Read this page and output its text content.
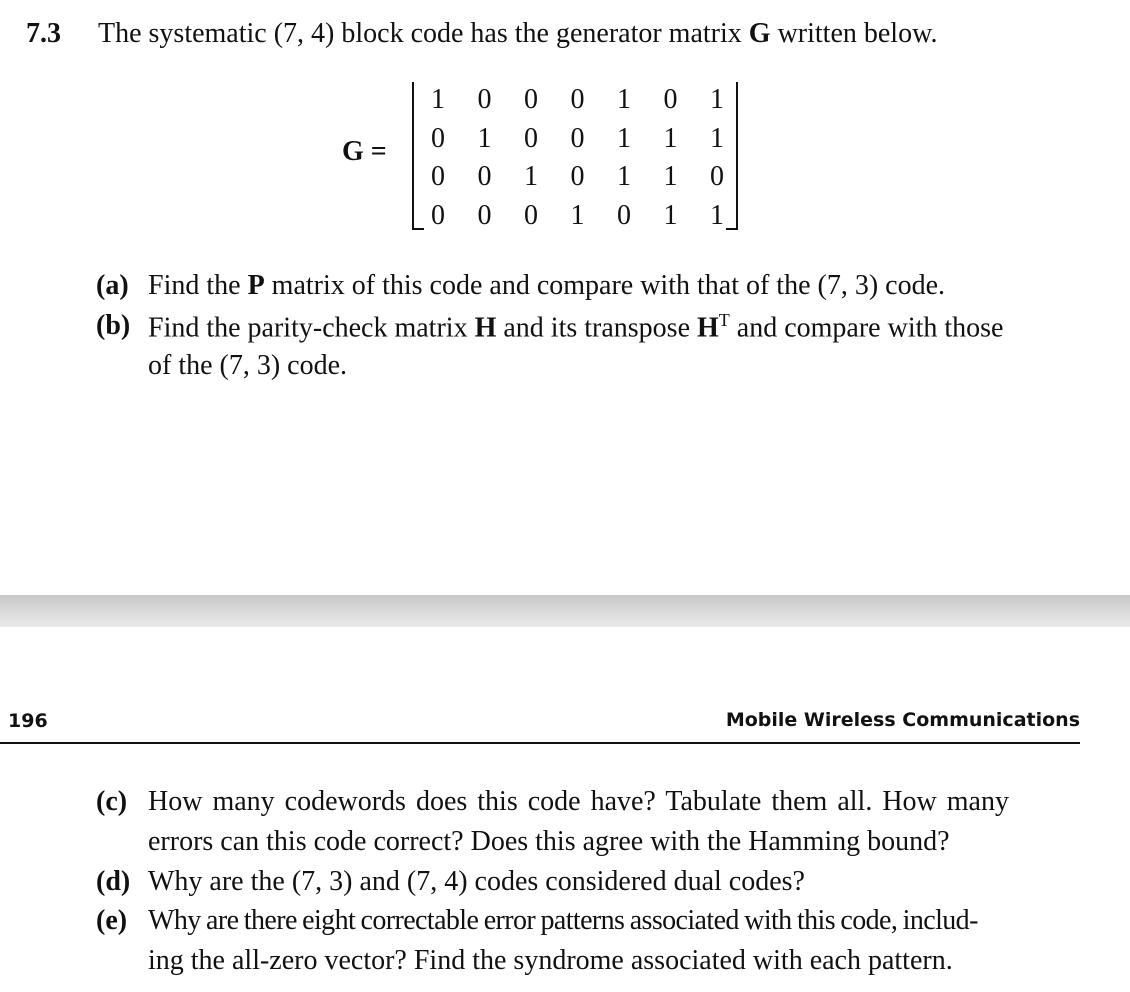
7.3 The systematic (7, 4) block code has the generator matrix G written below.
G =
1 0 0 0 1 0 1
0 1 0 0 1 1 1
0 0 1 0 1 1 0
0 0 0 1 0 1 1
(a) Find the P matrix of this code and compare with that of the (7, 3) code.
(b) Find the parity-check matrix H and its transpose $H^T$ and compare with those
of the (7, 3) code.
196	Mobile Wireless Communications
(c) How many codewords does this code have? Tabulate them all. How many
errors can this code correct? Does this agree with the Hamming bound?
(d) Why are the (7, 3) and (7, 4) codes considered dual codes?
(e) Why are there eight correctable error patterns associated with this code, includ-
ing the all-zero vector? Find the syndrome associated with each pattern.
